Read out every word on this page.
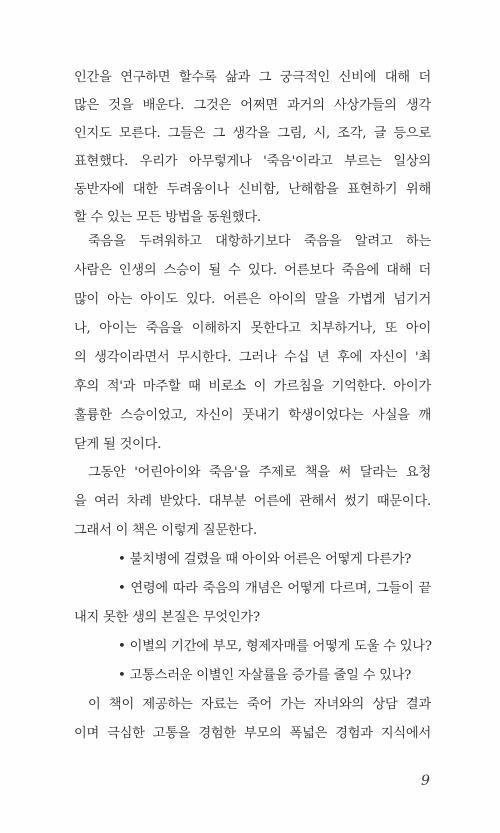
인간을 연구하면 할수록 삶과 그 궁극적인 신비에 대해 더
많은 것을 배운다. 그것은 어쩌면 과거의 사상가들의 생각
인지도 모른다. 그들은 그 생각을 그림, 시, 조각, 글 등으로
표현했다. 우리가 아무렇게나 '죽음'이라고 부르는 일상의
동반자에 대한 두려움이나 신비함, 난해함을 표현하기 위해
할 수 있는 모든 방법을 동원했다.
죽음을 두려워하고 대항하기보다 죽음을 알려고 하는
사람은 인생의 스승이 될 수 있다. 어른보다 죽음에 대해 더
많이 아는 아이도 있다. 어른은 아이의 말을 가볍게 넘기거
나, 아이는 죽음을 이해하지 못한다고 치부하거나, 또 아이
의 생각이라면서 무시한다. 그러나 수십 년 후에 자신이 '최
후의 적'과 마주할 때 비로소 이 가르침을 기억한다. 아이가
훌륭한 스승이었고, 자신이 풋내기 학생이었다는 사실을 깨
닫게 될 것이다.
그동안 '어린아이와 죽음'을 주제로 책을 써 달라는 요청
을 여러 차례 받았다. 대부분 어른에 관해서 썼기 때문이다.
그래서 이 책은 이렇게 질문한다.
• 불치병에 걸렸을 때 아이와 어른은 어떻게 다른가?
• 연령에 따라 죽음의 개념은 어떻게 다르며, 그들이 끝
내지 못한 생의 본질은 무엇인가?
• 이별의 기간에 부모, 형제자매를 어떻게 도울 수 있나?
• 고통스러운 이별인 자살률을 증가를 줄일 수 있나?
이 책이 제공하는 자료는 죽어 가는 자녀와의 상담 결과
이며 극심한 고통을 경험한 부모의 폭넓은 경험과 지식에서
9
